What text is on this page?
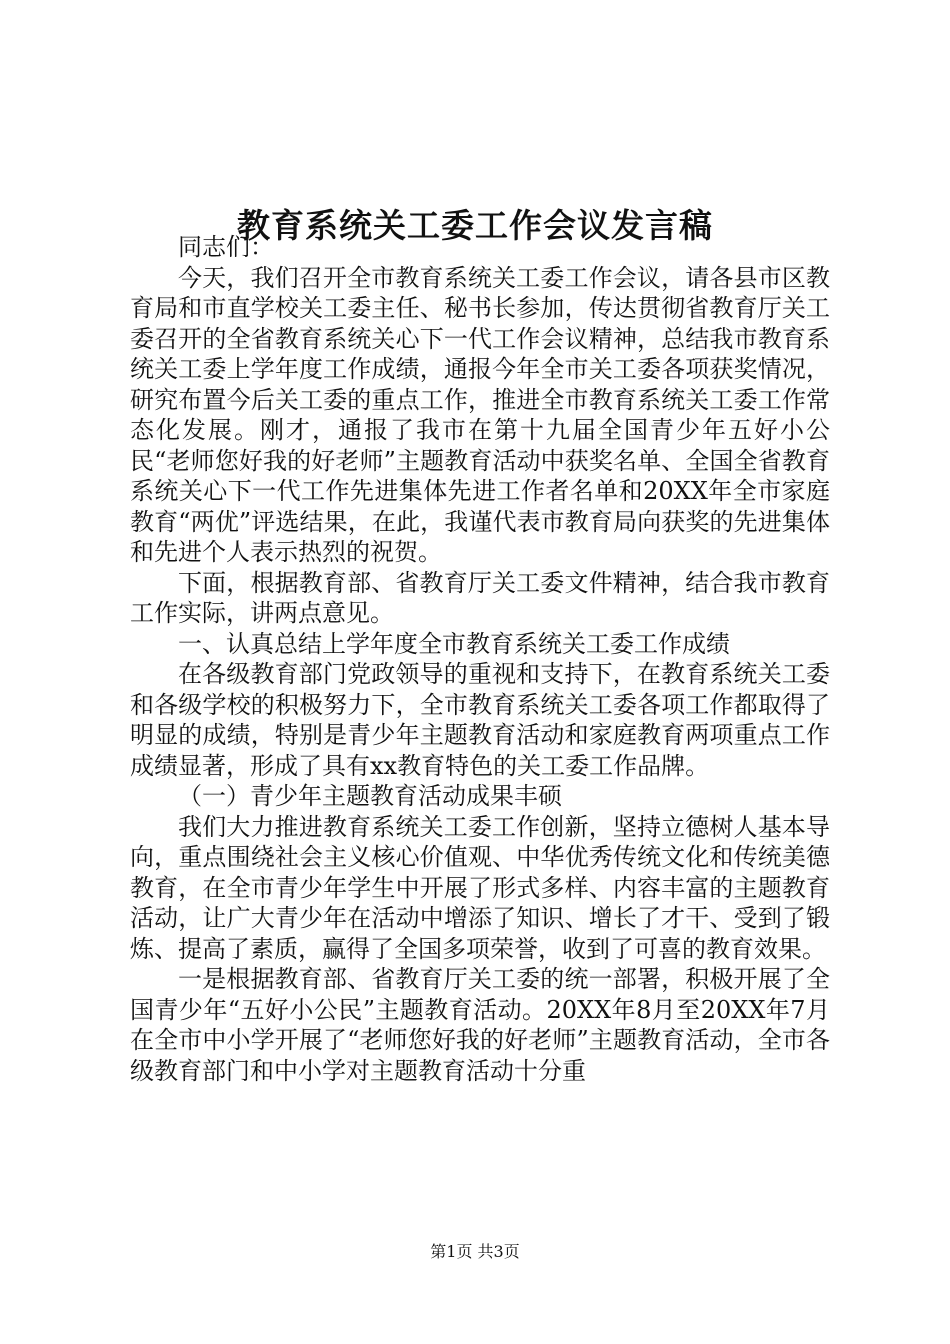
教育系统关工委工作会议发言稿

同志们：

今天，我们召开全市教育系统关工委工作会议，请各县市区教育局和市直学校关工委主任、秘书长参加，传达贯彻省教育厅关工委召开的全省教育系统关心下一代工作会议精神，总结我市教育系统关工委上学年度工作成绩，通报今年全市关工委各项获奖情况，研究布置今后关工委的重点工作，推进全市教育系统关工委工作常态化发展。刚才，通报了我市在第十九届全国青少年五好小公民“老师您好我的好老师”主题教育活动中获奖名单、全国全省教育系统关心下一代工作先进集体先进工作者名单和20XX年全市家庭教育“两优”评选结果，在此，我谨代表市教育局向获奖的先进集体和先进个人表示热烈的祝贺。

下面，根据教育部、省教育厅关工委文件精神，结合我市教育工作实际，讲两点意见。

一、认真总结上学年度全市教育系统关工委工作成绩

在各级教育部门党政领导的重视和支持下，在教育系统关工委和各级学校的积极努力下，全市教育系统关工委各项工作都取得了明显的成绩，特别是青少年主题教育活动和家庭教育两项重点工作成绩显著，形成了具有xx教育特色的关工委工作品牌。

（一）青少年主题教育活动成果丰硕

我们大力推进教育系统关工委工作创新，坚持立德树人基本导向，重点围绕社会主义核心价值观、中华优秀传统文化和传统美德教育，在全市青少年学生中开展了形式多样、内容丰富的主题教育活动，让广大青少年在活动中增添了知识、增长了才干、受到了锻炼、提高了素质，赢得了全国多项荣誉，收到了可喜的教育效果。

一是根据教育部、省教育厅关工委的统一部署，积极开展了全国青少年“五好小公民”主题教育活动。20XX年8月至20XX年7月在全市中小学开展了“老师您好我的好老师”主题教育活动，全市各级教育部门和中小学对主题教育活动十分重

第1页 共3页
